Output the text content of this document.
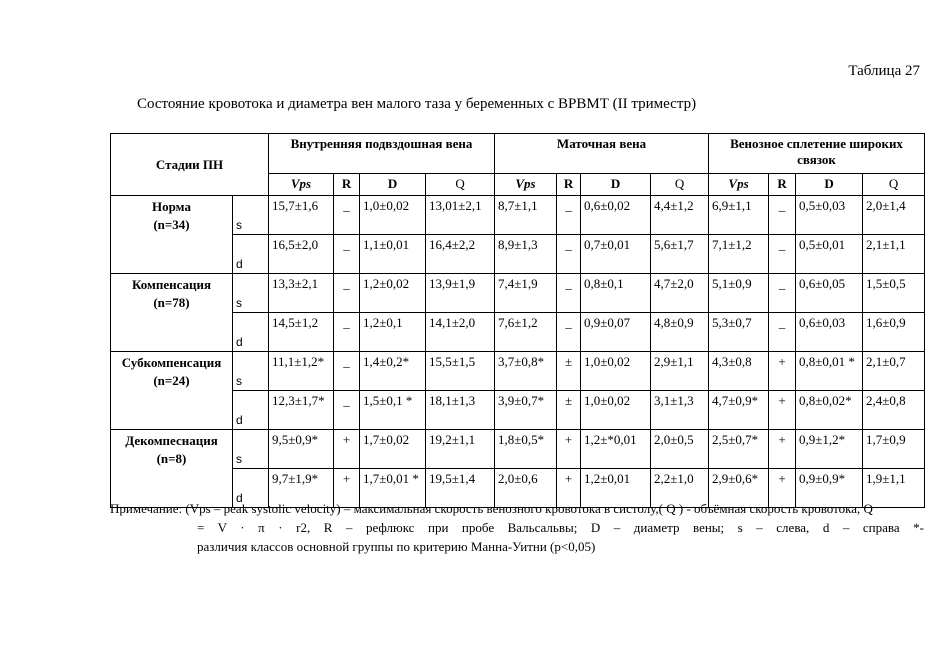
Таблица 27
Состояние кровотока и диаметра вен малого таза у беременных с ВРВМТ (II триместр)
Стадии ПН		Внутренняя подвздошная вена				Маточная вена				Венозное сплетение широких связок			
		Vps	R	D	Q	Vps	R	D	Q	Vps	R	D	Q

Норма
(n=34)	s	15,7±1,6	_	1,0±0,02	13,01±2,1	8,7±1,1	_	0,6±0,02	4,4±1,2	6,9±1,1	_	0,5±0,03	2,0±1,4
	d	16,5±2,0	_	1,1±0,01	16,4±2,2	8,9±1,3	_	0,7±0,01	5,6±1,7	7,1±1,2	_	0,5±0,01	2,1±1,1

Компенсация
(n=78)	s	13,3±2,1	_	1,2±0,02	13,9±1,9	7,4±1,9	_	0,8±0,1	4,7±2,0	5,1±0,9	_	0,6±0,05	1,5±0,5
	d	14,5±1,2	_	1,2±0,1	14,1±2,0	7,6±1,2	_	0,9±0,07	4,8±0,9	5,3±0,7	_	0,6±0,03	1,6±0,9

Субкомпенсация
(n=24)	s	11,1±1,2*	_	1,4±0,2*	15,5±1,5	3,7±0,8*	±	1,0±0,02	2,9±1,1	4,3±0,8	+	0,8±0,01 *	2,1±0,7
	d	12,3±1,7*	_	1,5±0,1 *	18,1±1,3	3,9±0,7*	±	1,0±0,02	3,1±1,3	4,7±0,9*	+	0,8±0,02*	2,4±0,8

Декомпеснация
(n=8)	s	9,5±0,9*	+	1,7±0,02	19,2±1,1	1,8±0,5*	+	1,2±*0,01	2,0±0,5	2,5±0,7*	+	0,9±1,2*	1,7±0,9
	d	9,7±1,9*	+	1,7±0,01 *	19,5±1,4	2,0±0,6	+	1,2±0,01	2,2±1,0	2,9±0,6*	+	0,9±0,9*	1,9±1,1
Примечание: (Vps – peak systolic velocity) – максимальная скорость венозного кровотока в систолу,( Q ) - объёмная скорость кровотока, Q
= V · π · r2, R – рефлюкс при пробе Вальсальвы; D – диаметр вены; s – слева, d – справа *-
различия классов основной группы по критерию Манна-Уитни (p<0,05)
